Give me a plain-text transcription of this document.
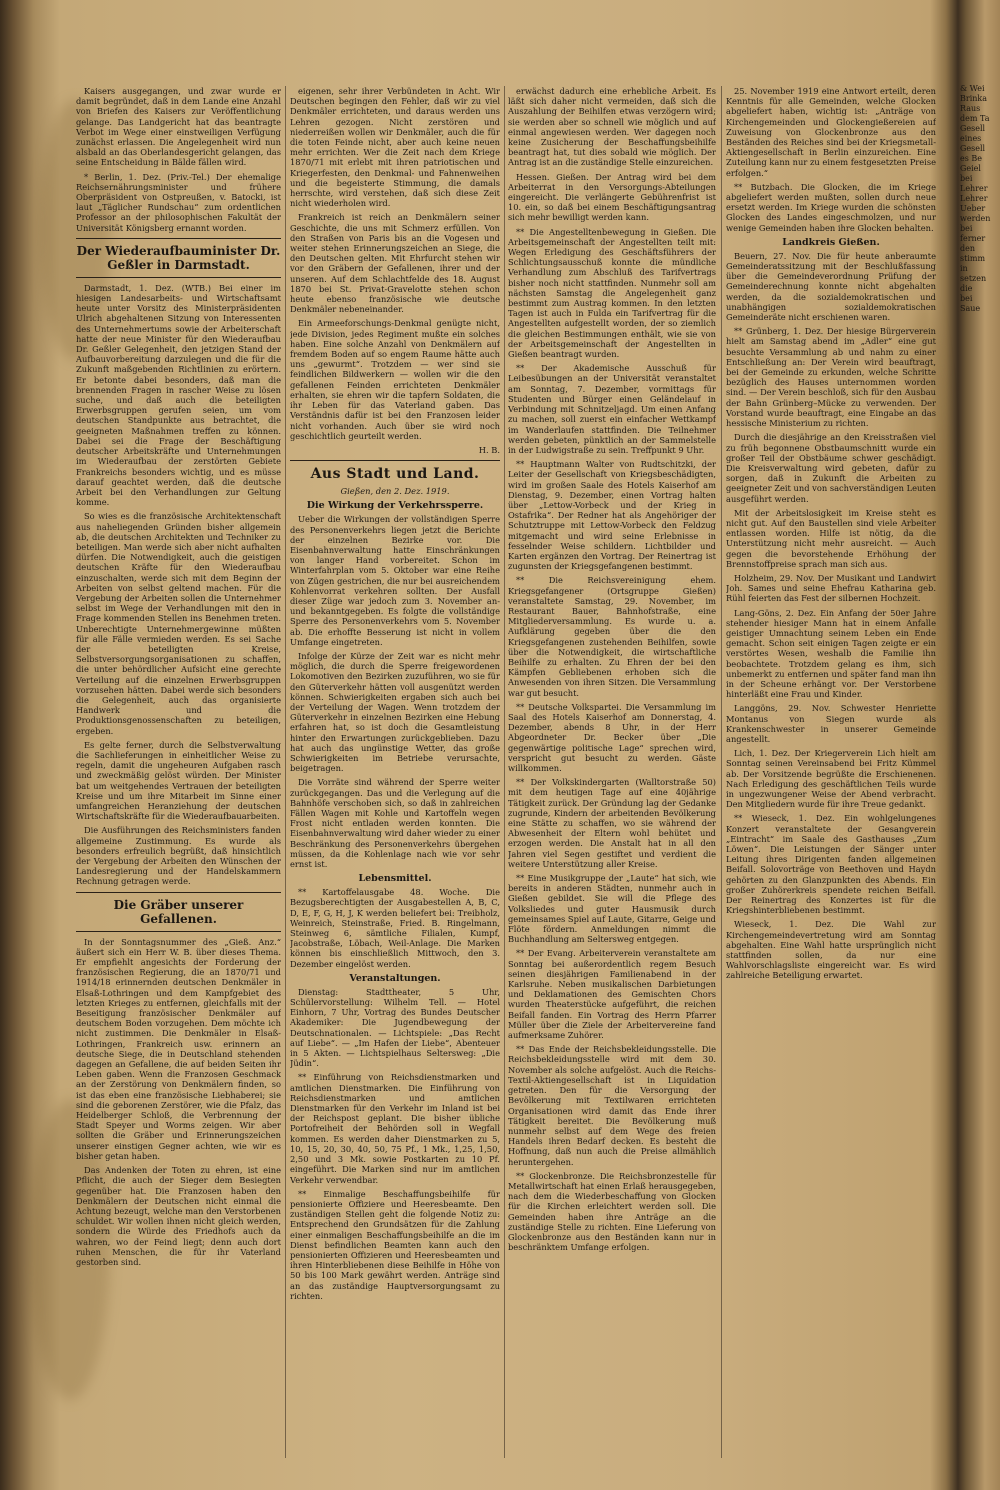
Kaisers ausgegangen, und zwar wurde er damit begründet, daß in dem Lande eine Anzahl von Briefen des Kaisers zur Veröffentlichung gelange. Das Landgericht hat das beantragte Verbot im Wege einer einstweiligen Verfügung zunächst erlassen. Die Angelegenheit wird nun alsbald an das Oberlandesgericht gelangen, das seine Entscheidung in Bälde fällen wird.

* Berlin, 1. Dez. (Priv.-Tel.) Der ehemalige Reichsernährungsminister und frühere Oberpräsident von Ostpreußen, v. Batocki, ist laut „Täglicher Rundschau“ zum ordentlichen Professor an der philosophischen Fakultät der Universität Königsberg ernannt worden.

Der Wiederaufbauminister Dr. Geßler in Darmstadt.

Darmstadt, 1. Dez. (WTB.) Bei einer im hiesigen Landesarbeits- und Wirtschaftsamt heute unter Vorsitz des Ministerpräsidenten Ulrich abgehaltenen Sitzung von Interessenten des Unternehmertums sowie der Arbeiterschaft hatte der neue Minister für den Wiederaufbau Dr. Geßler Gelegenheit, den jetzigen Stand der Aufbauvorbereitung darzulegen und die für die Zukunft maßgebenden Richtlinien zu erörtern. Er betonte dabei besonders, daß man die brennenden Fragen in rascher Weise zu lösen suche, und daß auch die beteiligten Erwerbsgruppen gerufen seien, um vom deutschen Standpunkte aus betrachtet, die geeigneten Maßnahmen treffen zu können. Dabei sei die Frage der Beschäftigung deutscher Arbeitskräfte und Unternehmungen im Wiederaufbau der zerstörten Gebiete Frankreichs besonders wichtig, und es müsse darauf geachtet werden, daß die deutsche Arbeit bei den Verhandlungen zur Geltung komme.

So wies es die französische Architektenschaft aus naheliegenden Gründen bisher allgemein ab, die deutschen Architekten und Techniker zu beteiligen. Man werde sich aber nicht aufhalten dürfen. Die Notwendigkeit, auch die geistigen deutschen Kräfte für den Wiederaufbau einzuschalten, werde sich mit dem Beginn der Arbeiten von selbst geltend machen. Für die Vergebung der Arbeiten sollen die Unternehmer selbst im Wege der Verhandlungen mit den in Frage kommenden Stellen ins Benehmen treten. Unberechtigte Unternehmergewinne müßten für alle Fälle vermieden werden. Es sei Sache der beteiligten Kreise, Selbstversorgungsorganisationen zu schaffen, die unter behördlicher Aufsicht eine gerechte Verteilung auf die einzelnen Erwerbsgruppen vorzusehen hätten. Dabei werde sich besonders die Gelegenheit, auch das organisierte Handwerk und die Produktionsgenossenschaften zu beteiligen, ergeben.

Es gelte ferner, durch die Selbstverwaltung die Sachlieferungen in einheitlicher Weise zu regeln, damit die ungeheuren Aufgaben rasch und zweckmäßig gelöst würden. Der Minister bat um weitgehendes Vertrauen der beteiligten Kreise und um ihre Mitarbeit im Sinne einer umfangreichen Heranziehung der deutschen Wirtschaftskräfte für die Wiederaufbauarbeiten.

Die Ausführungen des Reichsministers fanden allgemeine Zustimmung. Es wurde als besonders erfreulich begrüßt, daß hinsichtlich der Vergebung der Arbeiten den Wünschen der Landesregierung und der Handelskammern Rechnung getragen werde.

Die Gräber unserer Gefallenen.

In der Sonntagsnummer des „Gieß. Anz.“ äußert sich ein Herr W. B. über dieses Thema. Er empfiehlt angesichts der Forderung der französischen Regierung, die an 1870/71 und 1914/18 erinnernden deutschen Denkmäler in Elsaß-Lothringen und dem Kampfgebiet des letzten Krieges zu entfernen, gleichfalls mit der Beseitigung französischer Denkmäler auf deutschem Boden vorzugehen. Dem möchte ich nicht zustimmen. Die Denkmäler in Elsaß-Lothringen, Frankreich usw. erinnern an deutsche Siege, die in Deutschland stehenden dagegen an Gefallene, die auf beiden Seiten ihr Leben gaben. Wenn die Franzosen Geschmack an der Zerstörung von Denkmälern finden, so ist das eben eine französische Liebhaberei; sie sind die geborenen Zerstörer, wie die Pfalz, das Heidelberger Schloß, die Verbrennung der Stadt Speyer und Worms zeigen. Wir aber sollten die Gräber und Erinnerungszeichen unserer einstigen Gegner achten, wie wir es bisher getan haben.

Das Andenken der Toten zu ehren, ist eine Pflicht, die auch der Sieger dem Besiegten gegenüber hat. Die Franzosen haben den Denkmälern der Deutschen nicht einmal die Achtung bezeugt, welche man den Verstorbenen schuldet. Wir wollen ihnen nicht gleich werden, sondern die Würde des Friedhofs auch da wahren, wo der Feind liegt; denn auch dort ruhen Menschen, die für ihr Vaterland gestorben sind.

eigenen, sehr ihrer Verbündeten in Acht. Wir Deutschen begingen den Fehler, daß wir zu viel Denkmäler errichteten, und daraus werden uns Lehren gezogen. Nicht zerstören und niederreißen wollen wir Denkmäler, auch die für die toten Feinde nicht, aber auch keine neuen mehr errichten. Wer die Zeit nach dem Kriege 1870/71 mit erlebt mit ihren patriotischen und Kriegerfesten, den Denkmal- und Fahnenweihen und die begeisterte Stimmung, die damals herrschte, wird verstehen, daß sich diese Zeit nicht wiederholen wird.

Frankreich ist reich an Denkmälern seiner Geschichte, die uns mit Schmerz erfüllen. Von den Straßen von Paris bis an die Vogesen und weiter stehen Erinnerungszeichen an Siege, die den Deutschen gelten. Mit Ehrfurcht stehen wir vor den Gräbern der Gefallenen, ihrer und der unseren. Auf dem Schlachtfelde des 18. August 1870 bei St. Privat-Gravelotte stehen schon heute ebenso französische wie deutsche Denkmäler nebeneinander.

Ein Armeeforschungs-Denkmal genügte nicht, jede Division, jedes Regiment mußte ein solches haben. Eine solche Anzahl von Denkmälern auf fremdem Boden auf so engem Raume hätte auch uns „gewurmt“. Trotzdem — wer sind sie feindlichen Bildwerkern — wollen wir die den gefallenen Feinden errichteten Denkmäler erhalten, sie ehren wir die tapfern Soldaten, die ihr Leben für das Vaterland gaben. Das Verständnis dafür ist bei den Franzosen leider nicht vorhanden. Auch über sie wird noch geschichtlich geurteilt werden.

H. B.

Aus Stadt und Land.
Gießen, den 2. Dez. 1919.
Die Wirkung der Verkehrssperre.

Ueber die Wirkungen der vollständigen Sperre des Personenverkehrs liegen jetzt die Berichte der einzelnen Bezirke vor. Die Eisenbahnverwaltung hatte Einschränkungen von langer Hand vorbereitet. Schon im Winterfahrplan vom 5. Oktober war eine Reihe von Zügen gestrichen, die nur bei ausreichendem Kohlenvorrat verkehren sollten. Der Ausfall dieser Züge war jedoch zum 3. November an- und bekanntgegeben. Es folgte die vollständige Sperre des Personenverkehrs vom 5. November ab. Die erhoffte Besserung ist nicht in vollem Umfange eingetreten.

Infolge der Kürze der Zeit war es nicht mehr möglich, die durch die Sperre freigewordenen Lokomotiven den Bezirken zuzuführen, wo sie für den Güterverkehr hätten voll ausgenützt werden können. Schwierigkeiten ergaben sich auch bei der Verteilung der Wagen. Wenn trotzdem der Güterverkehr in einzelnen Bezirken eine Hebung erfahren hat, so ist doch die Gesamtleistung hinter den Erwartungen zurückgeblieben. Dazu hat auch das ungünstige Wetter, das große Schwierigkeiten im Betriebe verursachte, beigetragen.

Die Vorräte sind während der Sperre weiter zurückgegangen. Das und die Verlegung auf die Bahnhöfe verschoben sich, so daß in zahlreichen Fällen Wagen mit Kohle und Kartoffeln wegen Frost nicht entladen werden konnten. Die Eisenbahnverwaltung wird daher wieder zu einer Beschränkung des Personenverkehrs übergehen müssen, da die Kohlenlage nach wie vor sehr ernst ist.

Lebensmittel.

** Kartoffelausgabe 48. Woche. Die Bezugsberechtigten der Ausgabestellen A, B, C, D, E, F, G, H, J, K werden beliefert bei: Treibholz, Weinreich, Steinstraße, Fried. B. Ringelmann, Steinweg 6, sämtliche Filialen, Kumpf, Jacobstraße, Löbach, Weil-Anlage. Die Marken können bis einschließlich Mittwoch, den 3. Dezember eingelöst werden.

Veranstaltungen.

Dienstag: Stadttheater, 5 Uhr, Schülervorstellung: Wilhelm Tell. — Hotel Einhorn, 7 Uhr, Vortrag des Bundes Deutscher Akademiker: Die Jugendbewegung der Deutschnationalen. — Lichtspiele: „Das Recht auf Liebe“. — „Im Hafen der Liebe“, Abenteuer in 5 Akten. — Lichtspielhaus Seltersweg: „Die Jüdin“.

** Einführung von Reichsdienstmarken und amtlichen Dienstmarken. Die Einführung von Reichsdienstmarken und amtlichen Dienstmarken für den Verkehr im Inland ist bei der Reichspost geplant. Die bisher übliche Portofreiheit der Behörden soll in Wegfall kommen. Es werden daher Dienstmarken zu 5, 10, 15, 20, 30, 40, 50, 75 Pf., 1 Mk., 1,25, 1,50, 2,50 und 3 Mk. sowie Postkarten zu 10 Pf. eingeführt. Die Marken sind nur im amtlichen Verkehr verwendbar.

** Einmalige Beschaffungsbeihilfe für pensionierte Offiziere und Heeresbeamte. Den zuständigen Stellen geht die folgende Notiz zu: Entsprechend den Grundsätzen für die Zahlung einer einmaligen Beschaffungsbeihilfe an die im Dienst befindlichen Beamten kann auch den pensionierten Offizieren und Heeresbeamten und ihren Hinterbliebenen diese Beihilfe in Höhe von 50 bis 100 Mark gewährt werden. Anträge sind an das zuständige Hauptversorgungsamt zu richten.

erwächst dadurch eine erhebliche Arbeit. Es läßt sich daher nicht vermeiden, daß sich die Auszahlung der Beihilfen etwas verzögern wird; sie werden aber so schnell wie möglich und auf einmal angewiesen werden. Wer dagegen noch keine Zusicherung der Beschaffungsbeihilfe beantragt hat, tut dies sobald wie möglich. Der Antrag ist an die zuständige Stelle einzureichen.

Hessen. Gießen. Der Antrag wird bei dem Arbeiterrat in den Versorgungs-Abteilungen eingereicht. Die verlängerte Gebührenfrist ist 10. ein, so daß bei einem Beschäftigungsantrag sich mehr bewilligt werden kann.

** Die Angestelltenbewegung in Gießen. Die Arbeitsgemeinschaft der Angestellten teilt mit: Wegen Erledigung des Geschäftsführers der Schlichtungsausschuß konnte die mündliche Verhandlung zum Abschluß des Tarifvertrags bisher noch nicht stattfinden. Nunmehr soll am nächsten Samstag die Angelegenheit ganz bestimmt zum Austrag kommen. In den letzten Tagen ist auch in Fulda ein Tarifvertrag für die Angestellten aufgestellt worden, der so ziemlich die gleichen Bestimmungen enthält, wie sie von der Arbeitsgemeinschaft der Angestellten in Gießen beantragt wurden.

** Der Akademische Ausschuß für Leibesübungen an der Universität veranstaltet am Sonntag, 7. Dezember, vormittags für Studenten und Bürger einen Geländelauf in Verbindung mit Schnitzeljagd. Um einen Anfang zu machen, soll zuerst ein einfacher Wettkampf im Wanderlaufen stattfinden. Die Teilnehmer werden gebeten, pünktlich an der Sammelstelle in der Ludwigstraße zu sein. Treffpunkt 9 Uhr.

** Hauptmann Walter von Rudtschitzki, der Leiter der Gesellschaft von Kriegsbeschädigten, wird im großen Saale des Hotels Kaiserhof am Dienstag, 9. Dezember, einen Vortrag halten über „Lettow-Vorbeck und der Krieg in Ostafrika“. Der Redner hat als Angehöriger der Schutztruppe mit Lettow-Vorbeck den Feldzug mitgemacht und wird seine Erlebnisse in fesselnder Weise schildern. Lichtbilder und Karten ergänzen den Vortrag. Der Reinertrag ist zugunsten der Kriegsgefangenen bestimmt.

** Die Reichsvereinigung ehem. Kriegsgefangener (Ortsgruppe Gießen) veranstaltete Samstag, 29. November, im Restaurant Bauer, Bahnhofstraße, eine Mitgliederversammlung. Es wurde u. a. Aufklärung gegeben über die den Kriegsgefangenen zustehenden Beihilfen, sowie über die Notwendigkeit, die wirtschaftliche Beihilfe zu erhalten. Zu Ehren der bei den Kämpfen Gebliebenen erhoben sich die Anwesenden von ihren Sitzen. Die Versammlung war gut besucht.

** Deutsche Volkspartei. Die Versammlung im Saal des Hotels Kaiserhof am Donnerstag, 4. Dezember, abends 8 Uhr, in der Herr Abgeordneter Dr. Becker über „Die gegenwärtige politische Lage“ sprechen wird, verspricht gut besucht zu werden. Gäste willkommen.

** Der Volkskindergarten (Walltorstraße 50) mit dem heutigen Tage auf eine 40jährige Tätigkeit zurück. Der Gründung lag der Gedanke zugrunde, Kindern der arbeitenden Bevölkerung eine Stätte zu schaffen, wo sie während der Abwesenheit der Eltern wohl behütet und erzogen werden. Die Anstalt hat in all den Jahren viel Segen gestiftet und verdient die weitere Unterstützung aller Kreise.

** Eine Musikgruppe der „Laute“ hat sich, wie bereits in anderen Städten, nunmehr auch in Gießen gebildet. Sie will die Pflege des Volksliedes und guter Hausmusik durch gemeinsames Spiel auf Laute, Gitarre, Geige und Flöte fördern. Anmeldungen nimmt die Buchhandlung am Seltersweg entgegen.

** Der Evang. Arbeiterverein veranstaltete am Sonntag bei außerordentlich regem Besuch seinen diesjährigen Familienabend in der Karlsruhe. Neben musikalischen Darbietungen und Deklamationen des Gemischten Chors wurden Theaterstücke aufgeführt, die reichen Beifall fanden. Ein Vortrag des Herrn Pfarrer Müller über die Ziele der Arbeitervereine fand aufmerksame Zuhörer.

** Das Ende der Reichsbekleidungsstelle. Die Reichsbekleidungsstelle wird mit dem 30. November als solche aufgelöst. Auch die Reichs-Textil-Aktiengesellschaft ist in Liquidation getreten. Den für die Versorgung der Bevölkerung mit Textilwaren errichteten Organisationen wird damit das Ende ihrer Tätigkeit bereitet. Die Bevölkerung muß nunmehr selbst auf dem Wege des freien Handels ihren Bedarf decken. Es besteht die Hoffnung, daß nun auch die Preise allmählich heruntergehen.

** Glockenbronze. Die Reichsbronzestelle für Metallwirtschaft hat einen Erlaß herausgegeben, nach dem die Wiederbeschaffung von Glocken für die Kirchen erleichtert werden soll. Die Gemeinden haben ihre Anträge an die zuständige Stelle zu richten. Eine Lieferung von Glockenbronze aus den Beständen kann nur in beschränktem Umfange erfolgen.

25. November 1919 eine Antwort erteilt, deren Kenntnis für alle Gemeinden, welche Glocken abgeliefert haben, wichtig ist: „Anträge von Kirchengemeinden und Glockengießereien auf Zuweisung von Glockenbronze aus den Beständen des Reiches sind bei der Kriegsmetall-Aktiengesellschaft in Berlin einzureichen. Eine Zuteilung kann nur zu einem festgesetzten Preise erfolgen.“

** Butzbach. Die Glocken, die im Kriege abgeliefert werden mußten, sollen durch neue ersetzt werden. Im Kriege wurden die schönsten Glocken des Landes eingeschmolzen, und nur wenige Gemeinden haben ihre Glocken behalten.

Landkreis Gießen.

Beuern, 27. Nov. Die für heute anberaumte Gemeinderatssitzung mit der Beschlußfassung über die Gemeindeverordnung Prüfung der Gemeinderechnung konnte nicht abgehalten werden, da die sozialdemokratischen und unabhängigen sozialdemokratischen Gemeinderäte nicht erschienen waren.

** Grünberg, 1. Dez. Der hiesige Bürgerverein hielt am Samstag abend im „Adler“ eine gut besuchte Versammlung ab und nahm zu einer Entschließung an: Der Verein wird beauftragt, bei der Gemeinde zu erkunden, welche Schritte bezüglich des Hauses unternommen worden sind. — Der Verein beschloß, sich für den Ausbau der Bahn Grünberg–Mücke zu verwenden. Der Vorstand wurde beauftragt, eine Eingabe an das hessische Ministerium zu richten.

Durch die diesjährige an den Kreisstraßen viel zu früh begonnene Obstbaumschnitt wurde ein großer Teil der Obstbäume schwer geschädigt. Die Kreisverwaltung wird gebeten, dafür zu sorgen, daß in Zukunft die Arbeiten zu geeigneter Zeit und von sachverständigen Leuten ausgeführt werden.

Mit der Arbeitslosigkeit im Kreise steht es nicht gut. Auf den Baustellen sind viele Arbeiter entlassen worden. Hilfe ist nötig, da die Unterstützung nicht mehr ausreicht. — Auch gegen die bevorstehende Erhöhung der Brennstoffpreise sprach man sich aus.

Holzheim, 29. Nov. Der Musikant und Landwirt Joh. Sames und seine Ehefrau Katharina geb. Rühl feierten das Fest der silbernen Hochzeit.

Lang-Göns, 2. Dez. Ein Anfang der 50er Jahre stehender hiesiger Mann hat in einem Anfalle geistiger Umnachtung seinem Leben ein Ende gemacht. Schon seit einigen Tagen zeigte er ein verstörtes Wesen, weshalb die Familie ihn beobachtete. Trotzdem gelang es ihm, sich unbemerkt zu entfernen und später fand man ihn in der Scheune erhängt vor. Der Verstorbene hinterläßt eine Frau und Kinder.

Langgöns, 29. Nov. Schwester Henriette Montanus von Siegen wurde als Krankenschwester in unserer Gemeinde angestellt.

Lich, 1. Dez. Der Kriegerverein Lich hielt am Sonntag seinen Vereinsabend bei Fritz Kümmel ab. Der Vorsitzende begrüßte die Erschienenen. Nach Erledigung des geschäftlichen Teils wurde in ungezwungener Weise der Abend verbracht. Den Mitgliedern wurde für ihre Treue gedankt.

** Wieseck, 1. Dez. Ein wohlgelungenes Konzert veranstaltete der Gesangverein „Eintracht“ im Saale des Gasthauses „Zum Löwen“. Die Leistungen der Sänger unter Leitung ihres Dirigenten fanden allgemeinen Beifall. Solovorträge von Beethoven und Haydn gehörten zu den Glanzpunkten des Abends. Ein großer Zuhörerkreis spendete reichen Beifall. Der Reinertrag des Konzertes ist für die Kriegshinterbliebenen bestimmt.

Wieseck, 1. Dez. Die Wahl zur Kirchengemeindevertretung wird am Sonntag abgehalten. Eine Wahl hatte ursprünglich nicht stattfinden sollen, da nur eine Wahlvorschlagsliste eingereicht war. Es wird zahlreiche Beteiligung erwartet.

& Wei
Brinka
Raus
dem Ta
Gesell
eines
Gesell
es Be
Geiel
bei
Lehrer
Lehrer
Ueber
werden
bei
ferner
den
stimm
in
setzen
die
bei
Saue
